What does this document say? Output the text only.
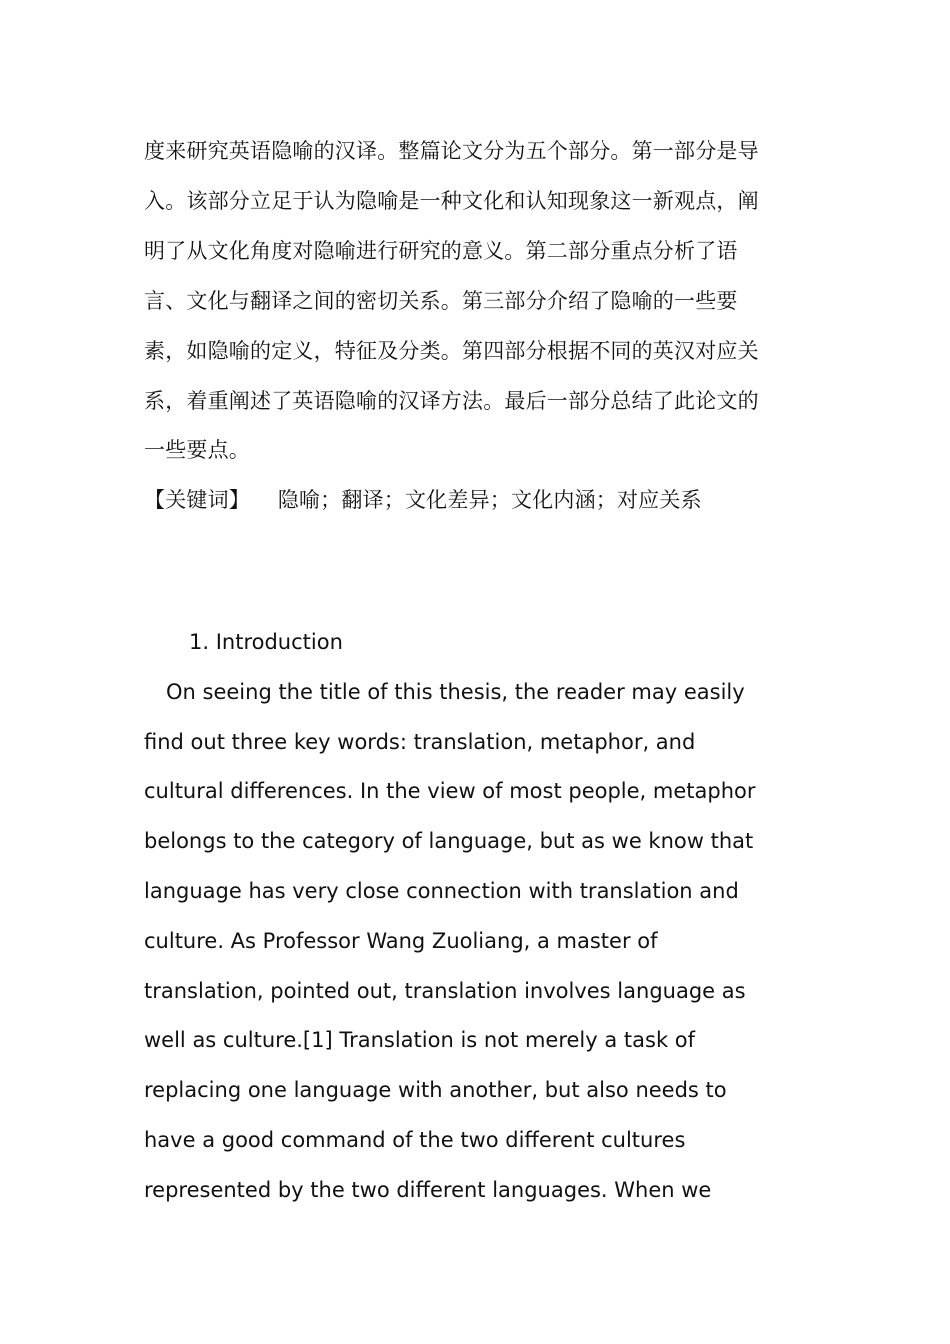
度来研究英语隐喻的汉译。整篇论文分为五个部分。第一部分是导
入。该部分立足于认为隐喻是一种文化和认知现象这一新观点，阐
明了从文化角度对隐喻进行研究的意义。第二部分重点分析了语
言、文化与翻译之间的密切关系。第三部分介绍了隐喻的一些要
素，如隐喻的定义，特征及分类。第四部分根据不同的英汉对应关
系，着重阐述了英语隐喻的汉译方法。最后一部分总结了此论文的
一些要点。
【关键词】 隐喻；翻译；文化差异；文化内涵；对应关系
1. Introduction
On seeing the title of this thesis, the reader may easily
find out three key words: translation, metaphor, and
cultural differences. In the view of most people, metaphor
belongs to the category of language, but as we know that
language has very close connection with translation and
culture. As Professor Wang Zuoliang, a master of
translation, pointed out, translation involves language as
well as culture.[1] Translation is not merely a task of
replacing one language with another, but also needs to
have a good command of the two different cultures
represented by the two different languages. When we
